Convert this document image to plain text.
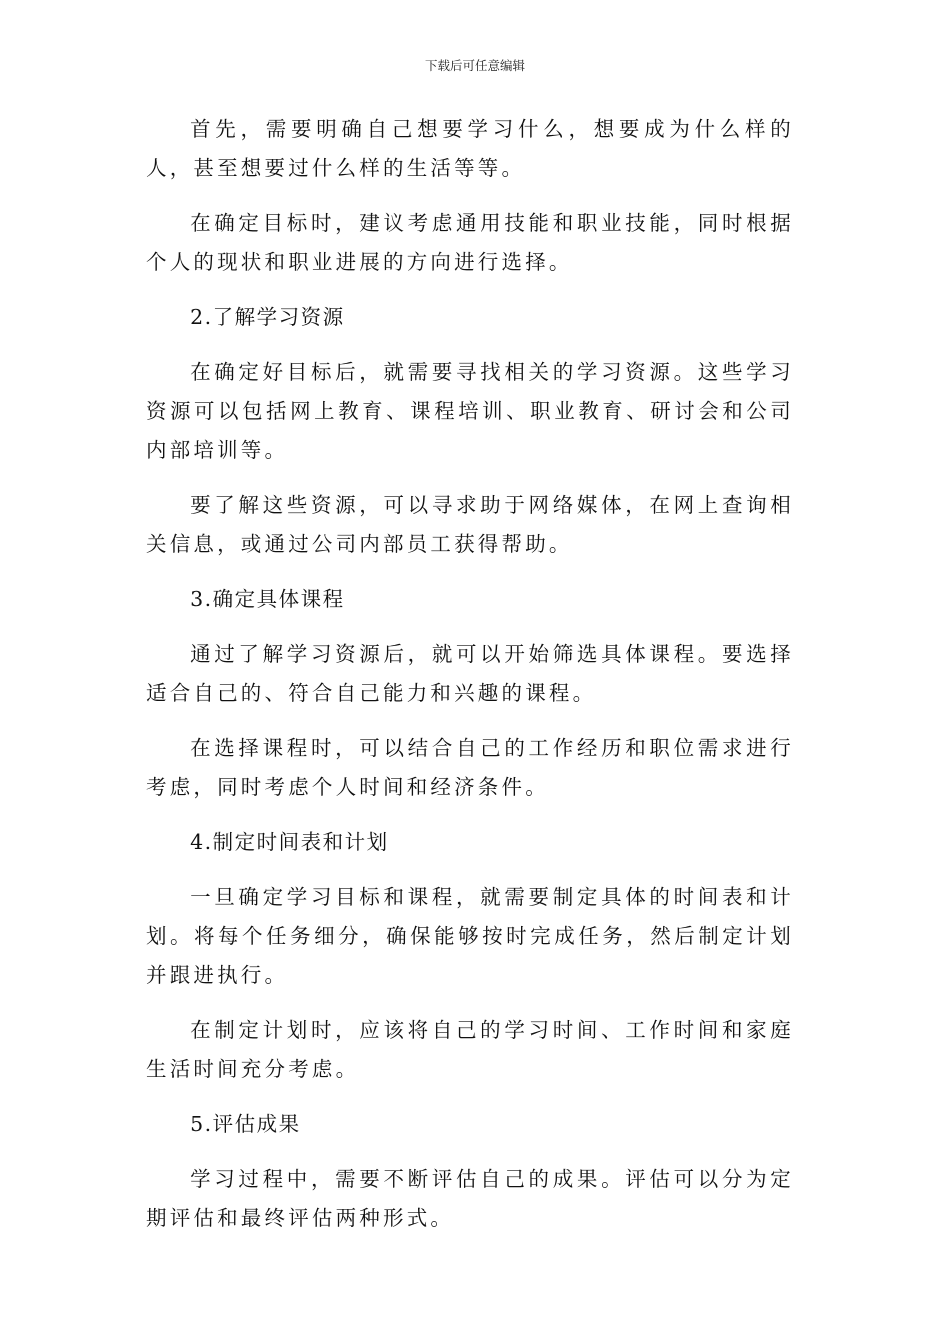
下载后可任意编辑

首先，需要明确自己想要学习什么，想要成为什么样的人，甚至想要过什么样的生活等等。

在确定目标时，建议考虑通用技能和职业技能，同时根据个人的现状和职业进展的方向进行选择。

2.了解学习资源

在确定好目标后，就需要寻找相关的学习资源。这些学习资源可以包括网上教育、课程培训、职业教育、研讨会和公司内部培训等。

要了解这些资源，可以寻求助于网络媒体，在网上查询相关信息，或通过公司内部员工获得帮助。

3.确定具体课程

通过了解学习资源后，就可以开始筛选具体课程。要选择适合自己的、符合自己能力和兴趣的课程。

在选择课程时，可以结合自己的工作经历和职位需求进行考虑，同时考虑个人时间和经济条件。

4.制定时间表和计划

一旦确定学习目标和课程，就需要制定具体的时间表和计划。将每个任务细分，确保能够按时完成任务，然后制定计划并跟进执行。

在制定计划时，应该将自己的学习时间、工作时间和家庭生活时间充分考虑。

5.评估成果

学习过程中，需要不断评估自己的成果。评估可以分为定期评估和最终评估两种形式。
